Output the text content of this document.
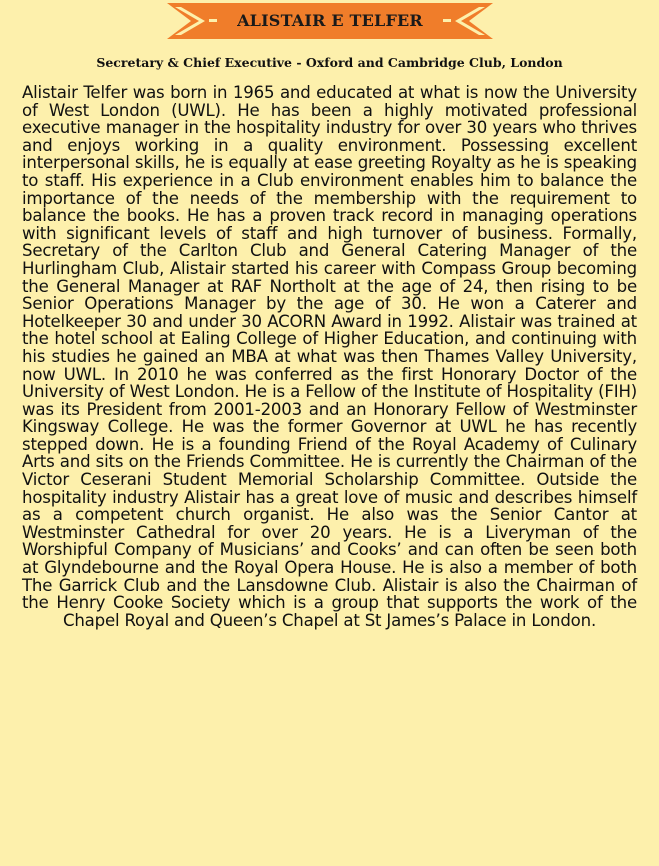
ALISTAIR E TELFER
Secretary & Chief Executive - Oxford and Cambridge Club, London

Alistair Telfer was born in 1965 and educated at what is now the University of West London (UWL). He has been a highly motivated professional executive manager in the hospitality industry for over 30 years who thrives and enjoys working in a quality environment. Possessing excellent interpersonal skills, he is equally at ease greeting Royalty as he is speaking to staff. His experience in a Club environment enables him to balance the importance of the needs of the membership with the requirement to balance the books. He has a proven track record in managing operations with significant levels of staff and high turnover of business. Formally, Secretary of the Carlton Club and General Catering Manager of the Hurlingham Club, Alistair started his career with Compass Group becoming the General Manager at RAF Northolt at the age of 24, then rising to be Senior Operations Manager by the age of 30. He won a Caterer and Hotelkeeper 30 and under 30 ACORN Award in 1992. Alistair was trained at the hotel school at Ealing College of Higher Education, and continuing with his studies he gained an MBA at what was then Thames Valley University, now UWL. In 2010 he was conferred as the first Honorary Doctor of the University of West London. He is a Fellow of the Institute of Hospitality (FIH) was its President from 2001-2003 and an Honorary Fellow of Westminster Kingsway College. He was the former Governor at UWL he has recently stepped down. He is a founding Friend of the Royal Academy of Culinary Arts and sits on the Friends Committee. He is currently the Chairman of the Victor Ceserani Student Memorial Scholarship Committee. Outside the hospitality industry Alistair has a great love of music and describes himself as a competent church organist. He also was the Senior Cantor at Westminster Cathedral for over 20 years. He is a Liveryman of the Worshipful Company of Musicians’ and Cooks’ and can often be seen both at Glyndebourne and the Royal Opera House. He is also a member of both The Garrick Club and the Lansdowne Club. Alistair is also the Chairman of the Henry Cooke Society which is a group that supports the work of the Chapel Royal and Queen’s Chapel at St James’s Palace in London.
